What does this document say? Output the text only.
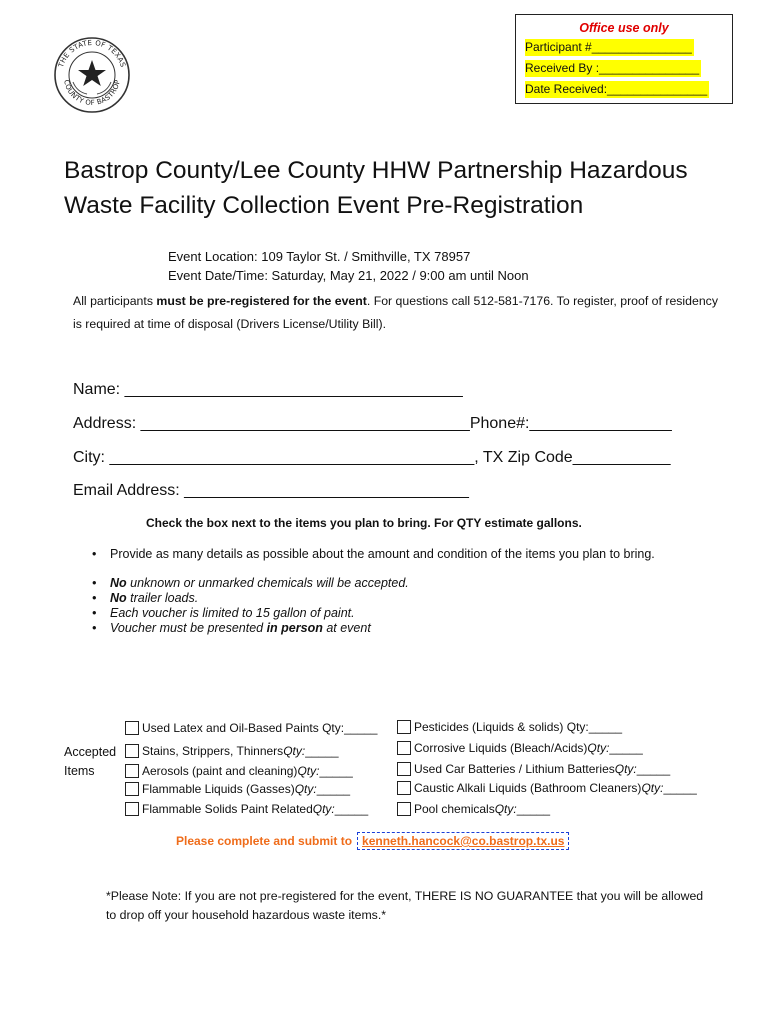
THE STATE OF TEXAS
COUNTY OF BASTROP
Office use only
Participant #_______________
Received By :_______________
Date Received:_______________
Bastrop County/Lee County HHW Partnership Hazardous
Waste Facility Collection Event Pre-Registration
Event Location: 109 Taylor St. / Smithville, TX 78957
Event Date/Time: Saturday, May 21, 2022 / 9:00 am until Noon
All participants must be pre-registered for the event. For questions call 512-581-7176. To register, proof of residency is required at time of disposal (Drivers License/Utility Bill).
Name: ______________________________________
Address: _____________________________________Phone#:________________
City: _________________________________________, TX Zip Code___________
Email Address: ________________________________
Check the box next to the items you plan to bring. For QTY estimate gallons.
• Provide as many details as possible about the amount and condition of the items you plan to bring.
• No unknown or unmarked chemicals will be accepted.
• No trailer loads.
• Each voucher is limited to 15 gallon of paint.
• Voucher must be presented in person at event
Accepted
Items
Used Latex and Oil-Based Paints Qty: _____
Stains, Strippers, Thinners Qty: _____
Aerosols (paint and cleaning) Qty: _____
Flammable Liquids (Gasses) Qty: _____
Flammable Solids Paint Related Qty: _____
Pesticides (Liquids & solids) Qty: _____
Corrosive Liquids (Bleach/Acids) Qty: _____
Used Car Batteries / Lithium Batteries Qty: _____
Caustic Alkali Liquids (Bathroom Cleaners) Qty: _____
Pool chemicals Qty: _____
Please complete and submit to kenneth.hancock@co.bastrop.tx.us
*Please Note: If you are not pre-registered for the event, THERE IS NO GUARANTEE that you will be allowed
to drop off your household hazardous waste items.*
